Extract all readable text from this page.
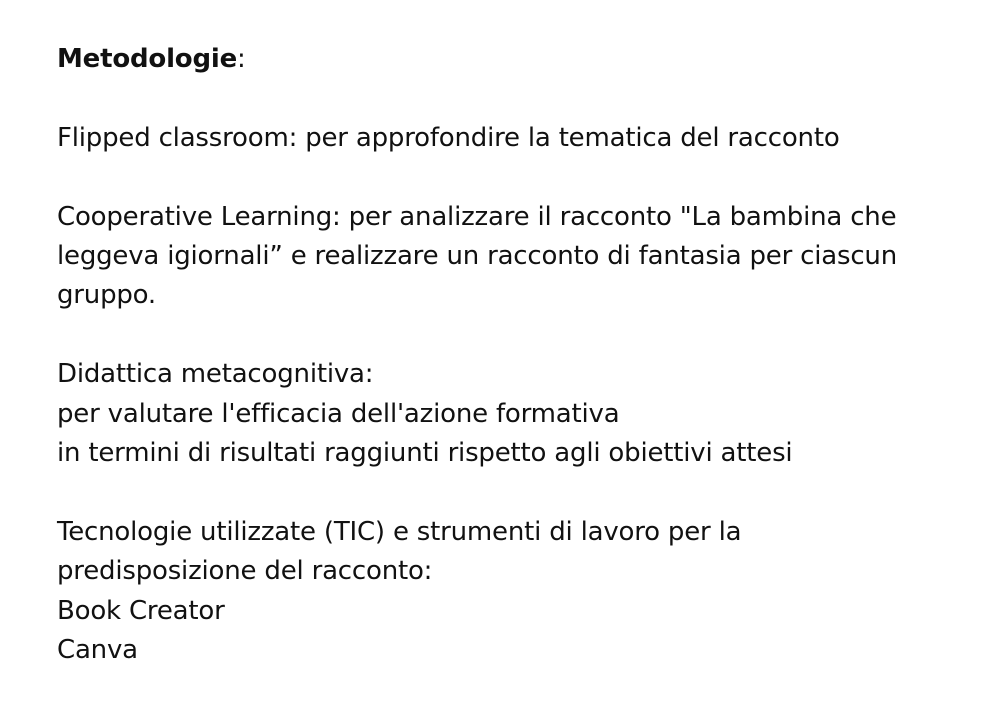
Metodologie:
Flipped classroom: per approfondire la tematica del racconto
Cooperative Learning: per analizzare il racconto "La bambina che
leggeva igiornali” e realizzare un racconto di fantasia per ciascun
gruppo.
Didattica metacognitiva:
per valutare l'efficacia dell'azione formativa
in termini di risultati raggiunti rispetto agli obiettivi attesi
Tecnologie utilizzate (TIC) e strumenti di lavoro per la
predisposizione del racconto:
Book Creator
Canva
